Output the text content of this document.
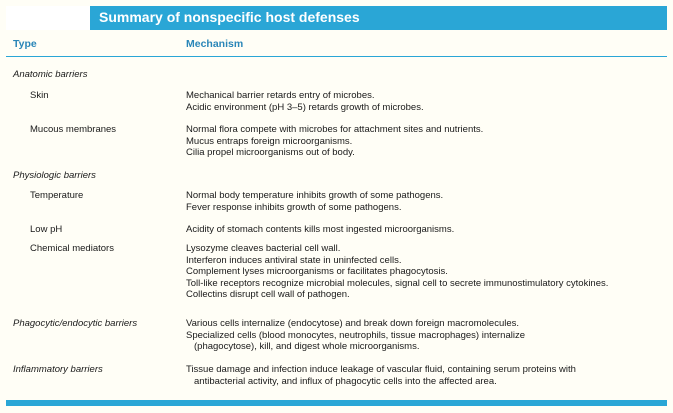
Summary of nonspecific host defenses
Type	Mechanism
Anatomic barriers
Skin	Mechanical barrier retards entry of microbes.
Acidic environment (pH 3–5) retards growth of microbes.
Mucous membranes	Normal flora compete with microbes for attachment sites and nutrients.
Mucus entraps foreign microorganisms.
Cilia propel microorganisms out of body.
Physiologic barriers
Temperature	Normal body temperature inhibits growth of some pathogens.
Fever response inhibits growth of some pathogens.
Low pH	Acidity of stomach contents kills most ingested microorganisms.
Chemical mediators	Lysozyme cleaves bacterial cell wall.
Interferon induces antiviral state in uninfected cells.
Complement lyses microorganisms or facilitates phagocytosis.
Toll-like receptors recognize microbial molecules, signal cell to secrete immunostimulatory cytokines.
Collectins disrupt cell wall of pathogen.
Phagocytic/endocytic barriers	Various cells internalize (endocytose) and break down foreign macromolecules.
Specialized cells (blood monocytes, neutrophils, tissue macrophages) internalize
(phagocytose), kill, and digest whole microorganisms.
Inflammatory barriers	Tissue damage and infection induce leakage of vascular fluid, containing serum proteins with
antibacterial activity, and influx of phagocytic cells into the affected area.
